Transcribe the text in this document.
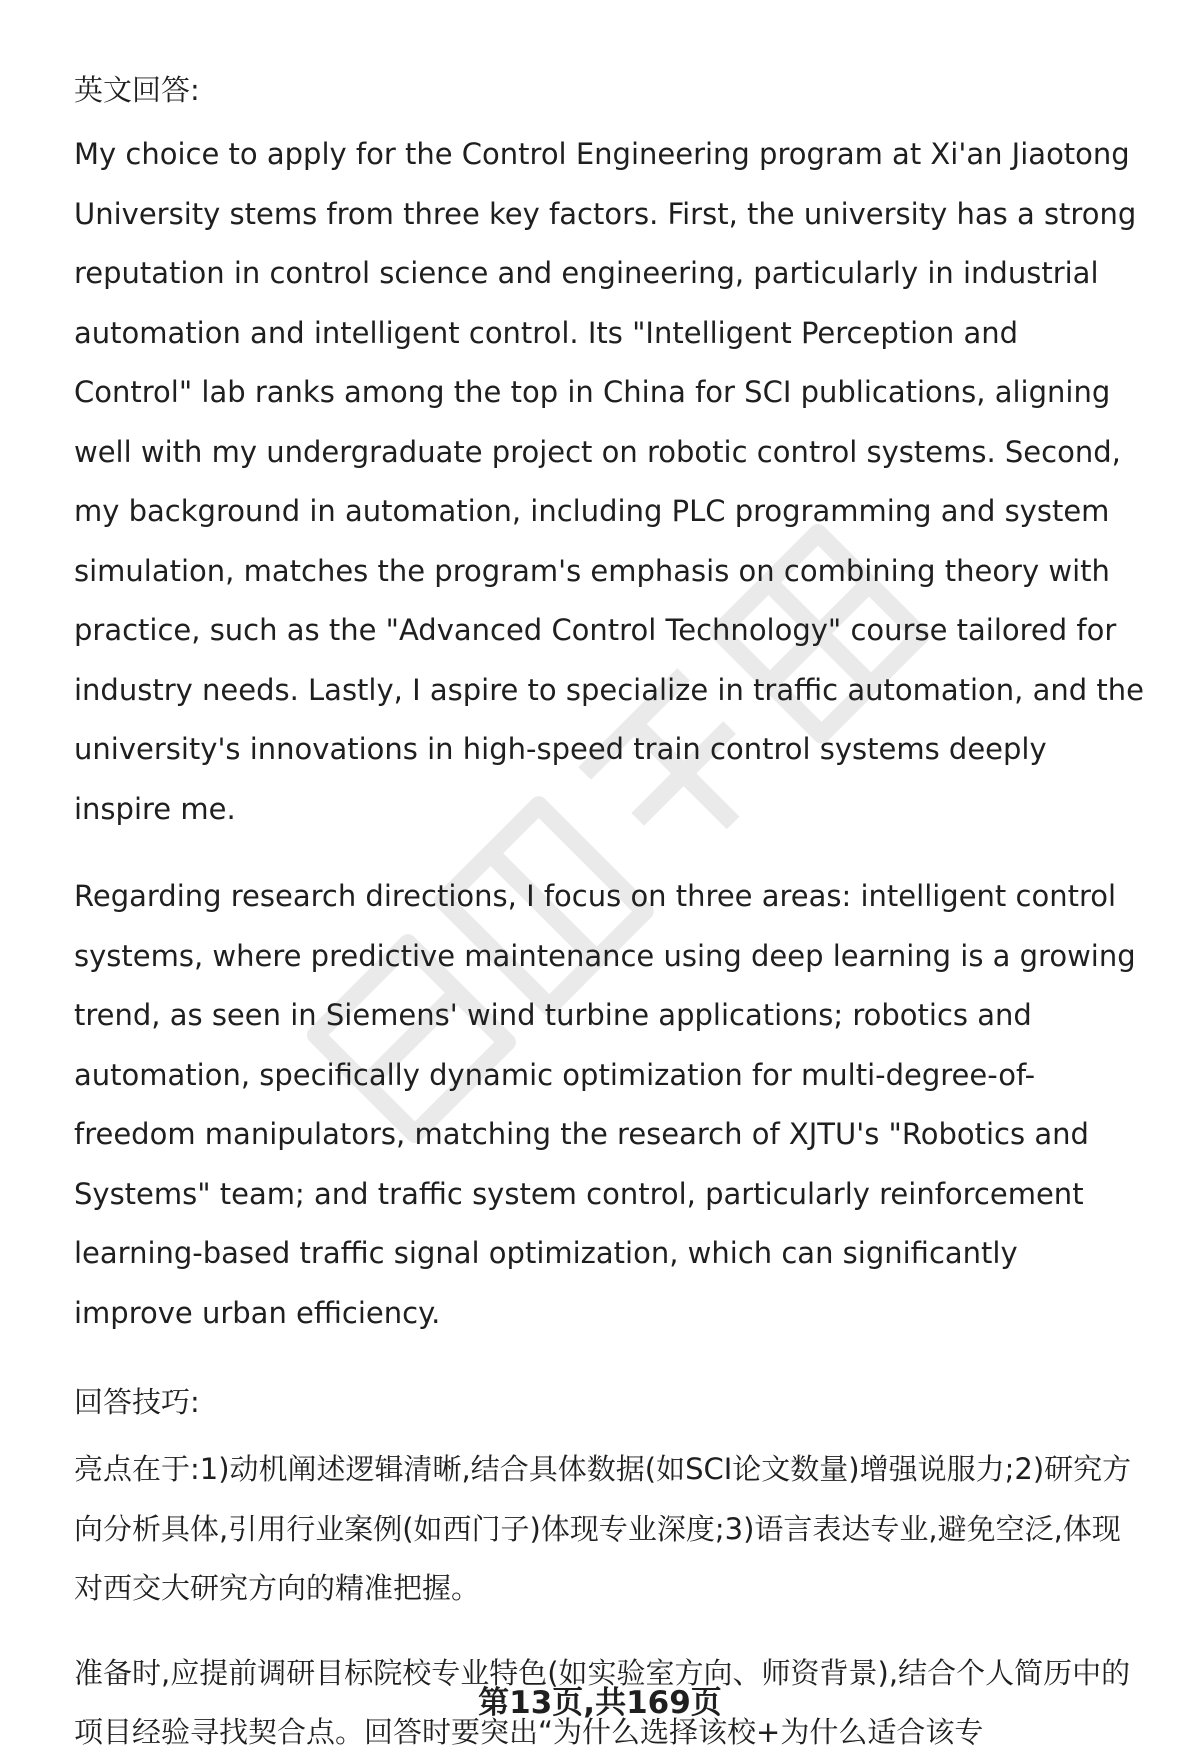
英文回答:

My choice to apply for the Control Engineering program at Xi'an Jiaotong University stems from three key factors. First, the university has a strong reputation in control science and engineering, particularly in industrial automation and intelligent control. Its "Intelligent Perception and Control" lab ranks among the top in China for SCI publications, aligning well with my undergraduate project on robotic control systems. Second, my background in automation, including PLC programming and system simulation, matches the program's emphasis on combining theory with practice, such as the "Advanced Control Technology" course tailored for industry needs. Lastly, I aspire to specialize in traffic automation, and the university's innovations in high-speed train control systems deeply inspire me.

Regarding research directions, I focus on three areas: intelligent control systems, where predictive maintenance using deep learning is a growing trend, as seen in Siemens' wind turbine applications; robotics and automation, specifically dynamic optimization for multi-degree-of-freedom manipulators, matching the research of XJTU's "Robotics and Systems" team; and traffic system control, particularly reinforcement learning-based traffic signal optimization, which can significantly improve urban efficiency.

回答技巧:

亮点在于:1)动机阐述逻辑清晰,结合具体数据(如SCI论文数量)增强说服力;2)研究方向分析具体,引用行业案例(如西门子)体现专业深度;3)语言表达专业,避免空泛,体现对西交大研究方向的精准把握。

准备时,应提前调研目标院校专业特色(如实验室方向、师资背景),结合个人简历中的项目经验寻找契合点。回答时要突出“为什么选择该校+为什么适合该专

第13页,共169页
